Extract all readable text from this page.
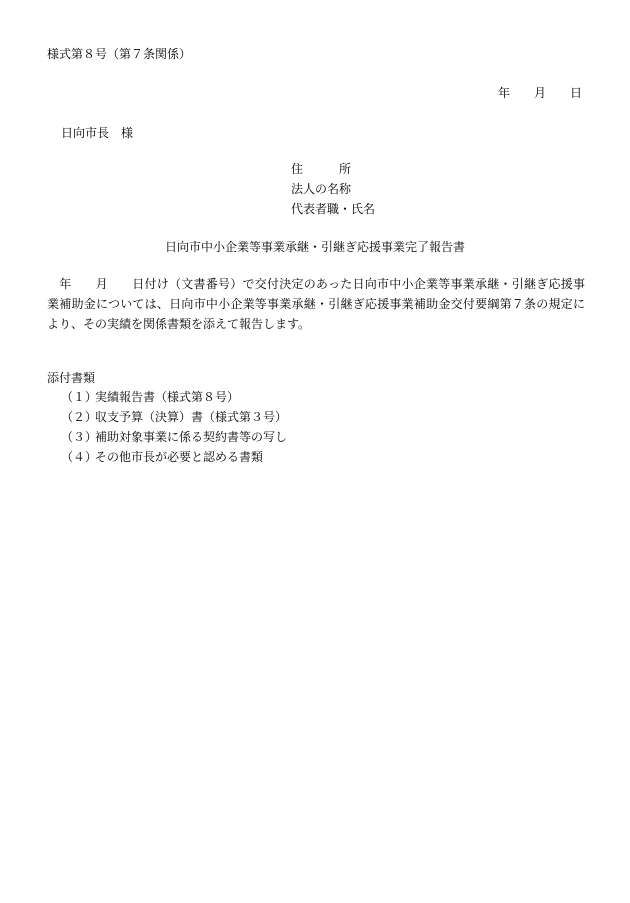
様式第８号（第７条関係）
年 月 日
日向市長 様
住	所
法人の名称
代表者職・氏名
日向市中小企業等事業承継・引継ぎ応援事業完了報告書
年 月 日付け（文書番号）で交付決定のあった日向市中小企業等事業承継・引継ぎ応援事業補助金については、日向市中小企業等事業承継・引継ぎ応援事業補助金交付要綱第７条の規定により、その実績を関係書類を添えて報告します。
添付書類
（１）実績報告書（様式第８号）
（２）収支予算（決算）書（様式第３号）
（３）補助対象事業に係る契約書等の写し
（４）その他市長が必要と認める書類
